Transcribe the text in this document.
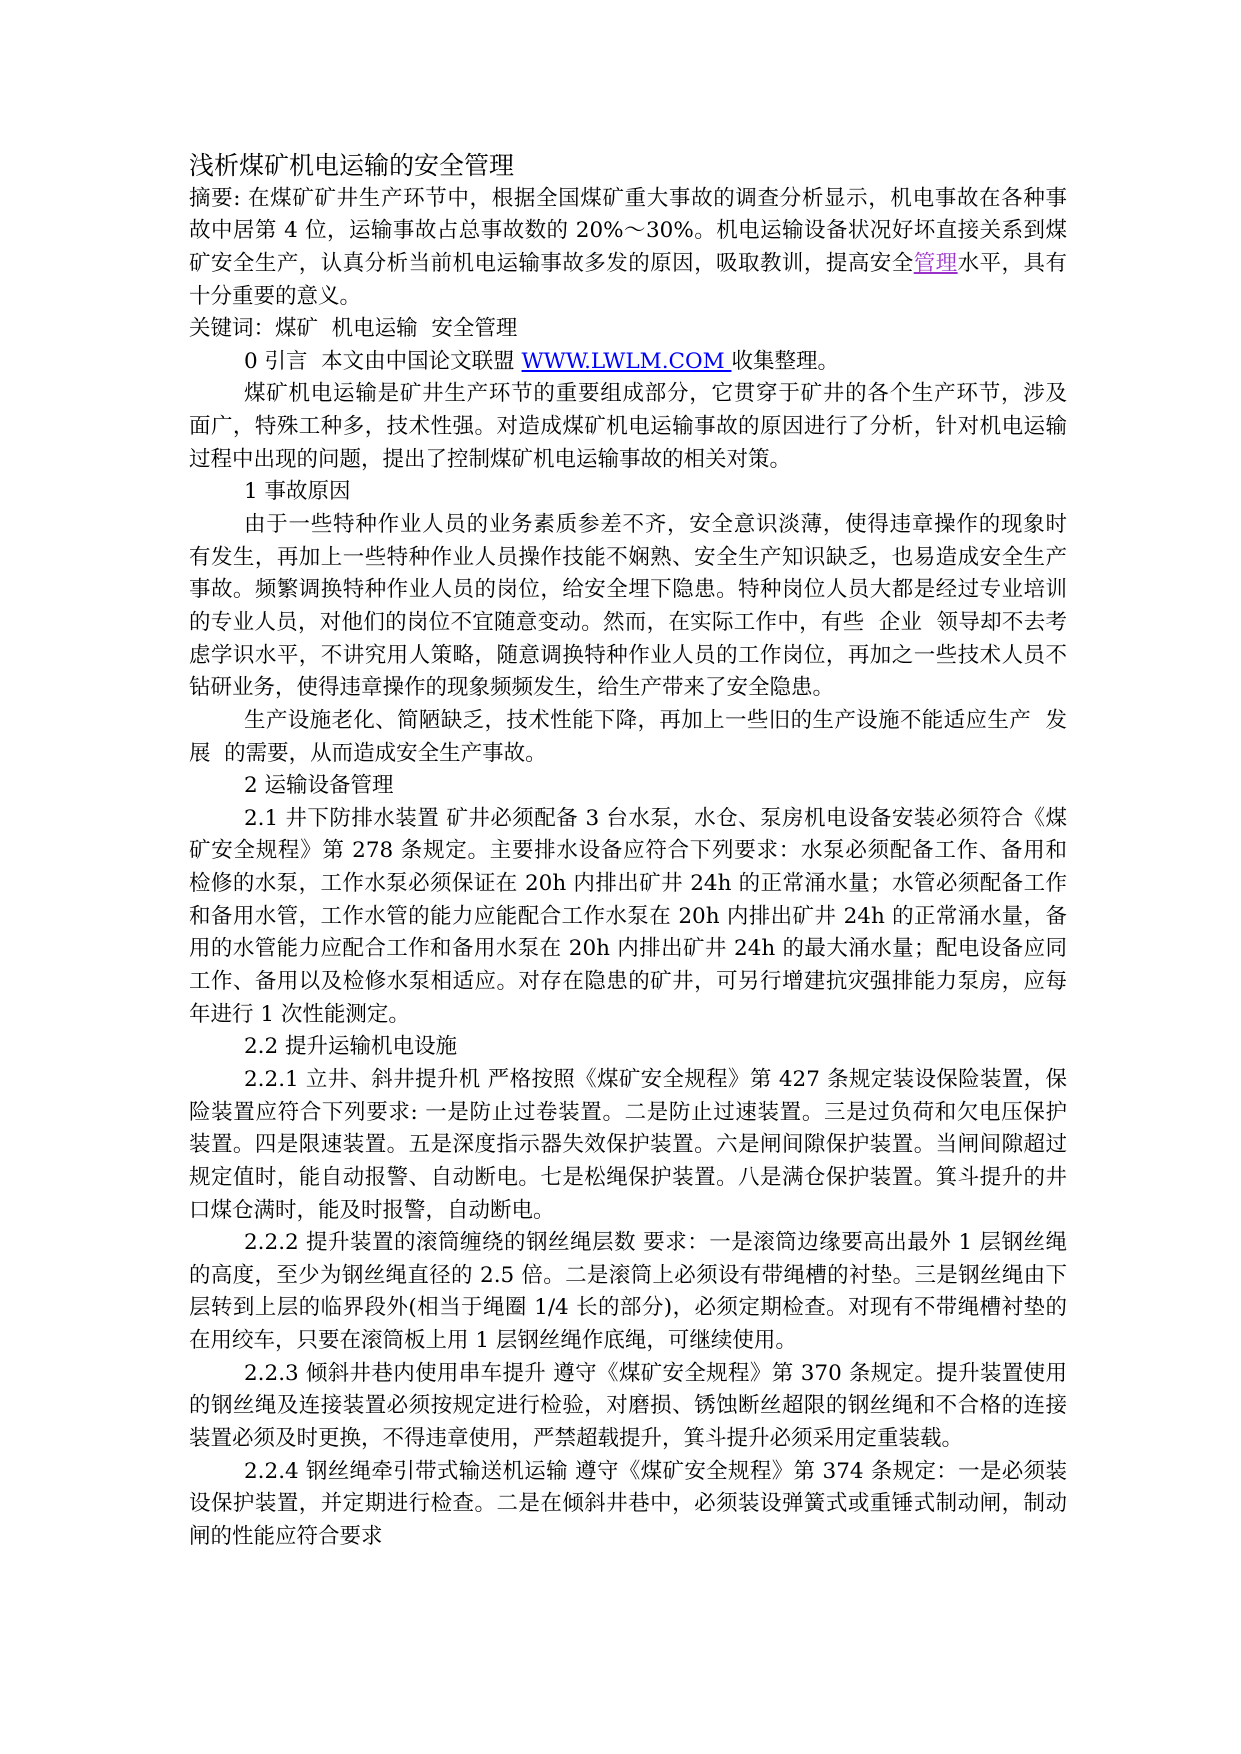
浅析煤矿机电运输的安全管理
摘要: 在煤矿矿井生产环节中，根据全国煤矿重大事故的调查分析显示，机电事故在各种事
故中居第 4 位，运输事故占总事故数的 20%～30%。机电运输设备状况好坏直接关系到煤
矿安全生产，认真分析当前机电运输事故多发的原因，吸取教训，提高安全管理水平，具有
十分重要的意义。
关键词：煤矿  机电运输  安全管理
0 引言  本文由中国论文联盟 WWW.LWLM.COM 收集整理。
煤矿机电运输是矿井生产环节的重要组成部分，它贯穿于矿井的各个生产环节，涉及
面广，特殊工种多，技术性强。对造成煤矿机电运输事故的原因进行了分析，针对机电运输
过程中出现的问题，提出了控制煤矿机电运输事故的相关对策。
1 事故原因
由于一些特种作业人员的业务素质参差不齐，安全意识淡薄，使得违章操作的现象时
有发生，再加上一些特种作业人员操作技能不娴熟、安全生产知识缺乏，也易造成安全生产
事故。频繁调换特种作业人员的岗位，给安全埋下隐患。特种岗位人员大都是经过专业培训
的专业人员，对他们的岗位不宜随意变动。然而，在实际工作中，有些  企业  领导却不去考
虑学识水平，不讲究用人策略，随意调换特种作业人员的工作岗位，再加之一些技术人员不
钻研业务，使得违章操作的现象频频发生，给生产带来了安全隐患。
生产设施老化、简陋缺乏，技术性能下降，再加上一些旧的生产设施不能适应生产  发
展  的需要，从而造成安全生产事故。
2 运输设备管理
2.1 井下防排水装置 矿井必须配备 3 台水泵，水仓、泵房机电设备安装必须符合《煤
矿安全规程》第 278 条规定。主要排水设备应符合下列要求：水泵必须配备工作、备用和
检修的水泵，工作水泵必须保证在 20h 内排出矿井 24h 的正常涌水量；水管必须配备工作
和备用水管，工作水管的能力应能配合工作水泵在 20h 内排出矿井 24h 的正常涌水量，备
用的水管能力应配合工作和备用水泵在 20h 内排出矿井 24h 的最大涌水量；配电设备应同
工作、备用以及检修水泵相适应。对存在隐患的矿井，可另行增建抗灾强排能力泵房，应每
年进行 1 次性能测定。
2.2 提升运输机电设施
2.2.1 立井、斜井提升机 严格按照《煤矿安全规程》第 427 条规定装设保险装置，保
险装置应符合下列要求: 一是防止过卷装置。二是防止过速装置。三是过负荷和欠电压保护
装置。四是限速装置。五是深度指示器失效保护装置。六是闸间隙保护装置。当闸间隙超过
规定值时，能自动报警、自动断电。七是松绳保护装置。八是满仓保护装置。箕斗提升的井
口煤仓满时，能及时报警，自动断电。
2.2.2 提升装置的滚筒缠绕的钢丝绳层数 要求：一是滚筒边缘要高出最外 1 层钢丝绳
的高度，至少为钢丝绳直径的 2.5 倍。二是滚筒上必须设有带绳槽的衬垫。三是钢丝绳由下
层转到上层的临界段外(相当于绳圈 1/4 长的部分)，必须定期检查。对现有不带绳槽衬垫的
在用绞车，只要在滚筒板上用 1 层钢丝绳作底绳，可继续使用。
2.2.3 倾斜井巷内使用串车提升 遵守《煤矿安全规程》第 370 条规定。提升装置使用
的钢丝绳及连接装置必须按规定进行检验，对磨损、锈蚀断丝超限的钢丝绳和不合格的连接
装置必须及时更换，不得违章使用，严禁超载提升，箕斗提升必须采用定重装载。
2.2.4 钢丝绳牵引带式输送机运输 遵守《煤矿安全规程》第 374 条规定：一是必须装
设保护装置，并定期进行检查。二是在倾斜井巷中，必须装设弹簧式或重锤式制动闸，制动
闸的性能应符合要求
